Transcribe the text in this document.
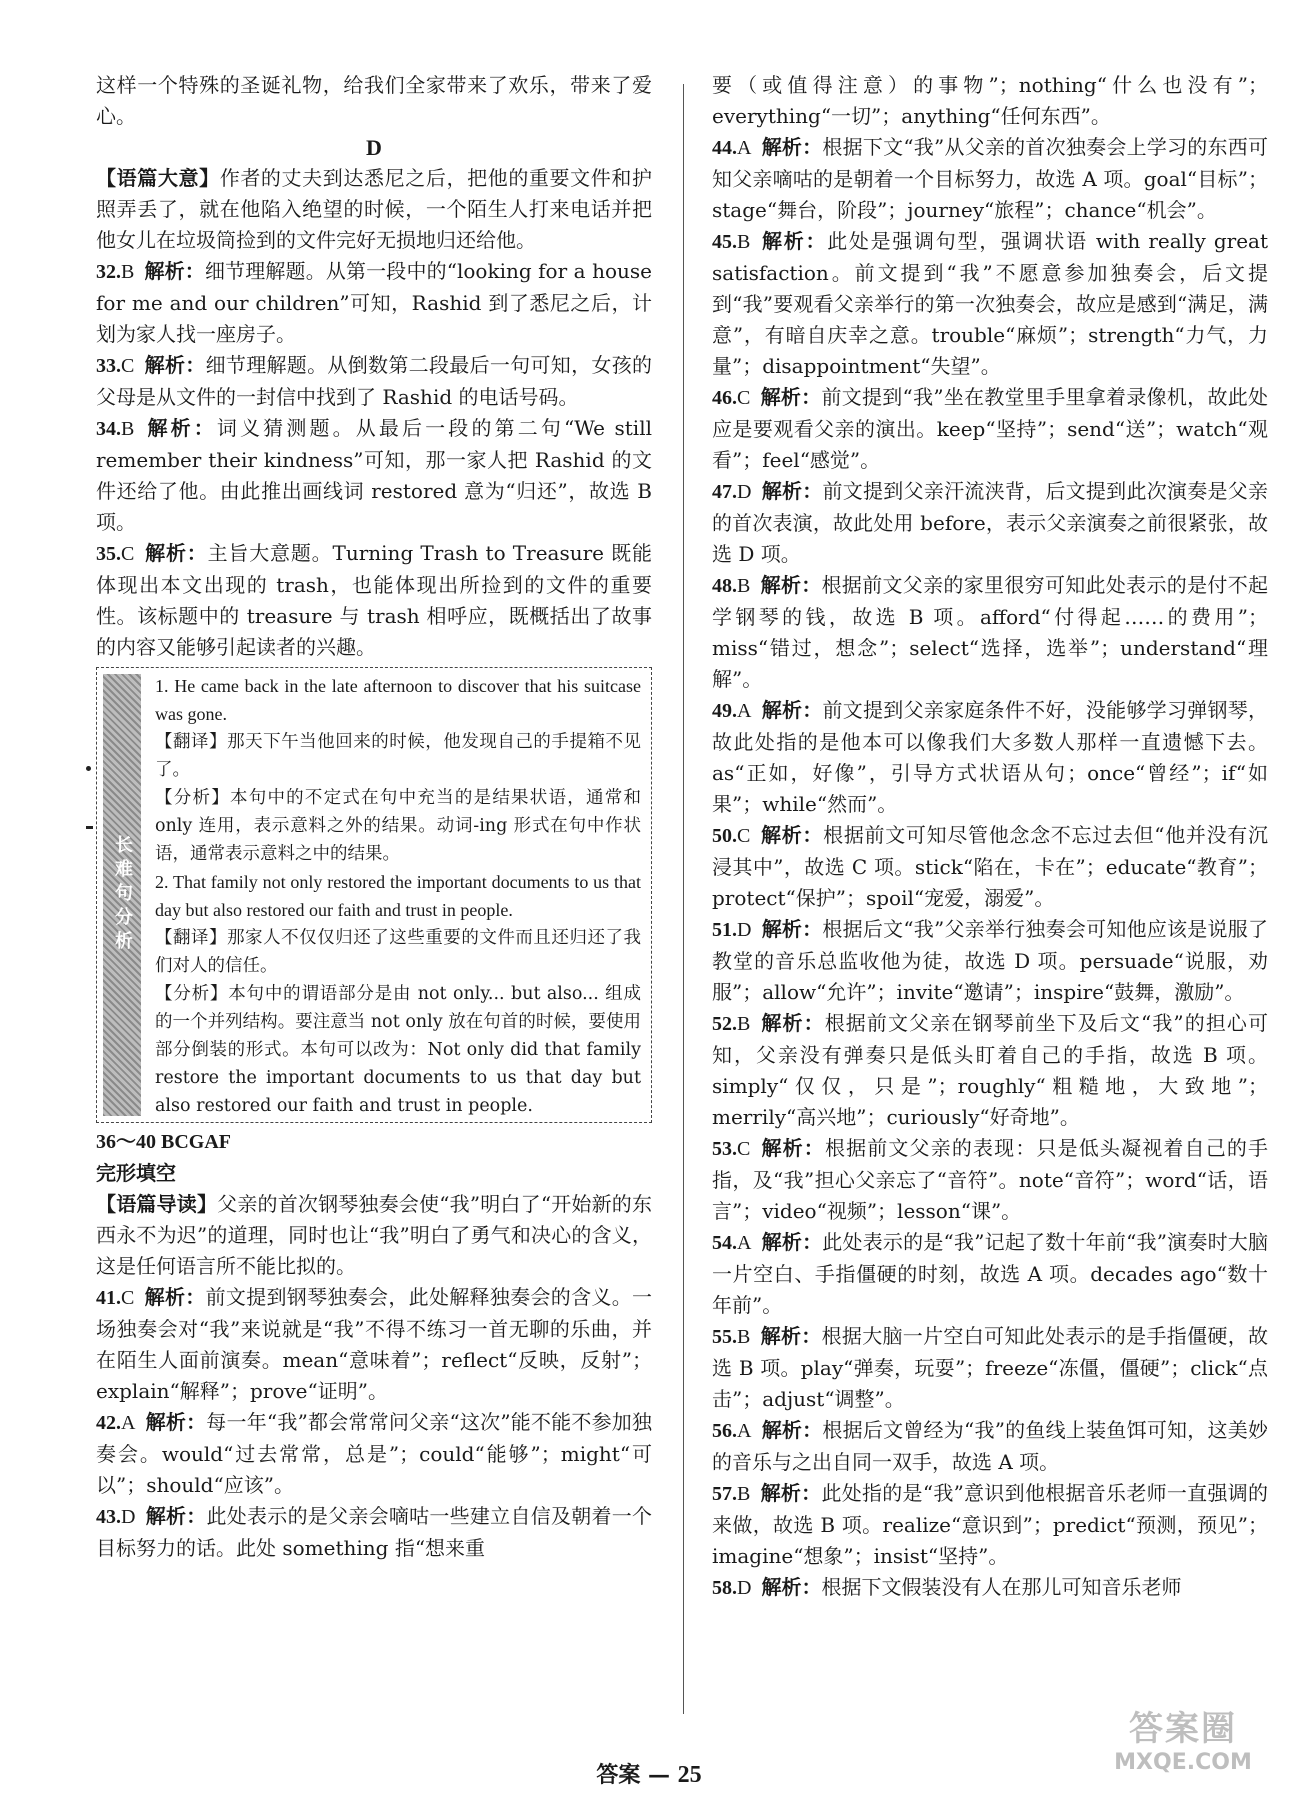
这样一个特殊的圣诞礼物，给我们全家带来了欢乐，带来了爱心。

D

【语篇大意】作者的丈夫到达悉尼之后，把他的重要文件和护照弄丢了，就在他陷入绝望的时候，一个陌生人打来电话并把他女儿在垃圾筒捡到的文件完好无损地归还给他。

32.B 解析：细节理解题。从第一段中的“looking for a house for me and our children”可知，Rashid 到了悉尼之后，计划为家人找一座房子。

33.C 解析：细节理解题。从倒数第二段最后一句可知，女孩的父母是从文件的一封信中找到了 Rashid 的电话号码。

34.B 解析：词义猜测题。从最后一段的第二句“We still remember their kindness”可知，那一家人把 Rashid 的文件还给了他。由此推出画线词 restored 意为“归还”，故选 B 项。

35.C 解析：主旨大意题。Turning Trash to Treasure 既能体现出本文出现的 trash，也能体现出所捡到的文件的重要性。该标题中的 treasure 与 trash 相呼应，既概括出了故事的内容又能够引起读者的兴趣。

长难句分析

1. He came back in the late afternoon to discover that his suitcase was gone.

【翻译】那天下午当他回来的时候，他发现自己的手提箱不见了。

【分析】本句中的不定式在句中充当的是结果状语，通常和 only 连用，表示意料之外的结果。动词-ing 形式在句中作状语，通常表示意料之中的结果。

2. That family not only restored the important documents to us that day but also restored our faith and trust in people.

【翻译】那家人不仅仅归还了这些重要的文件而且还归还了我们对人的信任。

【分析】本句中的谓语部分是由 not only... but also... 组成的一个并列结构。要注意当 not only 放在句首的时候，要使用部分倒装的形式。本句可以改为：Not only did that family restore the important documents to us that day but also restored our faith and trust in people.

36～40 BCGAF

完形填空

【语篇导读】父亲的首次钢琴独奏会使“我”明白了“开始新的东西永不为迟”的道理，同时也让“我”明白了勇气和决心的含义，这是任何语言所不能比拟的。

41.C 解析：前文提到钢琴独奏会，此处解释独奏会的含义。一场独奏会对“我”来说就是“我”不得不练习一首无聊的乐曲，并在陌生人面前演奏。mean“意味着”；reflect“反映，反射”；explain“解释”；prove“证明”。

42.A 解析：每一年“我”都会常常问父亲“这次”能不能不参加独奏会。would“过去常常，总是”；could“能够”；might“可以”；should“应该”。

43.D 解析：此处表示的是父亲会嘀咕一些建立自信及朝着一个目标努力的话。此处 something 指“想来重

要（或值得注意）的事物”；nothing“什么也没有”；everything“一切”；anything“任何东西”。

44.A 解析：根据下文“我”从父亲的首次独奏会上学习的东西可知父亲嘀咕的是朝着一个目标努力，故选 A 项。goal“目标”；stage“舞台，阶段”；journey“旅程”；chance“机会”。

45.B 解析：此处是强调句型，强调状语 with really great satisfaction。前文提到“我”不愿意参加独奏会，后文提到“我”要观看父亲举行的第一次独奏会，故应是感到“满足，满意”，有暗自庆幸之意。trouble“麻烦”；strength“力气，力量”；disappointment“失望”。

46.C 解析：前文提到“我”坐在教堂里手里拿着录像机，故此处应是要观看父亲的演出。keep“坚持”；send“送”；watch“观看”；feel“感觉”。

47.D 解析：前文提到父亲汗流浃背，后文提到此次演奏是父亲的首次表演，故此处用 before，表示父亲演奏之前很紧张，故选 D 项。

48.B 解析：根据前文父亲的家里很穷可知此处表示的是付不起学钢琴的钱，故选 B 项。afford“付得起……的费用”；miss“错过，想念”；select“选择，选举”；understand“理解”。

49.A 解析：前文提到父亲家庭条件不好，没能够学习弹钢琴，故此处指的是他本可以像我们大多数人那样一直遗憾下去。as“正如，好像”，引导方式状语从句；once“曾经”；if“如果”；while“然而”。

50.C 解析：根据前文可知尽管他念念不忘过去但“他并没有沉浸其中”，故选 C 项。stick“陷在，卡在”；educate“教育”；protect“保护”；spoil“宠爱，溺爱”。

51.D 解析：根据后文“我”父亲举行独奏会可知他应该是说服了教堂的音乐总监收他为徒，故选 D 项。persuade“说服，劝服”；allow“允许”；invite“邀请”；inspire“鼓舞，激励”。

52.B 解析：根据前文父亲在钢琴前坐下及后文“我”的担心可知，父亲没有弹奏只是低头盯着自己的手指，故选 B 项。simply“仅仅，只是”；roughly“粗糙地，大致地”；merrily“高兴地”；curiously“好奇地”。

53.C 解析：根据前文父亲的表现：只是低头凝视着自己的手指，及“我”担心父亲忘了“音符”。note“音符”；word“话，语言”；video“视频”；lesson“课”。

54.A 解析：此处表示的是“我”记起了数十年前“我”演奏时大脑一片空白、手指僵硬的时刻，故选 A 项。decades ago“数十年前”。

55.B 解析：根据大脑一片空白可知此处表示的是手指僵硬，故选 B 项。play“弹奏，玩耍”；freeze“冻僵，僵硬”；click“点击”；adjust“调整”。

56.A 解析：根据后文曾经为“我”的鱼线上装鱼饵可知，这美妙的音乐与之出自同一双手，故选 A 项。

57.B 解析：此处指的是“我”意识到他根据音乐老师一直强调的来做，故选 B 项。realize“意识到”；predict“预测，预见”；imagine“想象”；insist“坚持”。

58.D 解析：根据下文假装没有人在那儿可知音乐老师

答案 — 25
答案圈
MXQE.COM
